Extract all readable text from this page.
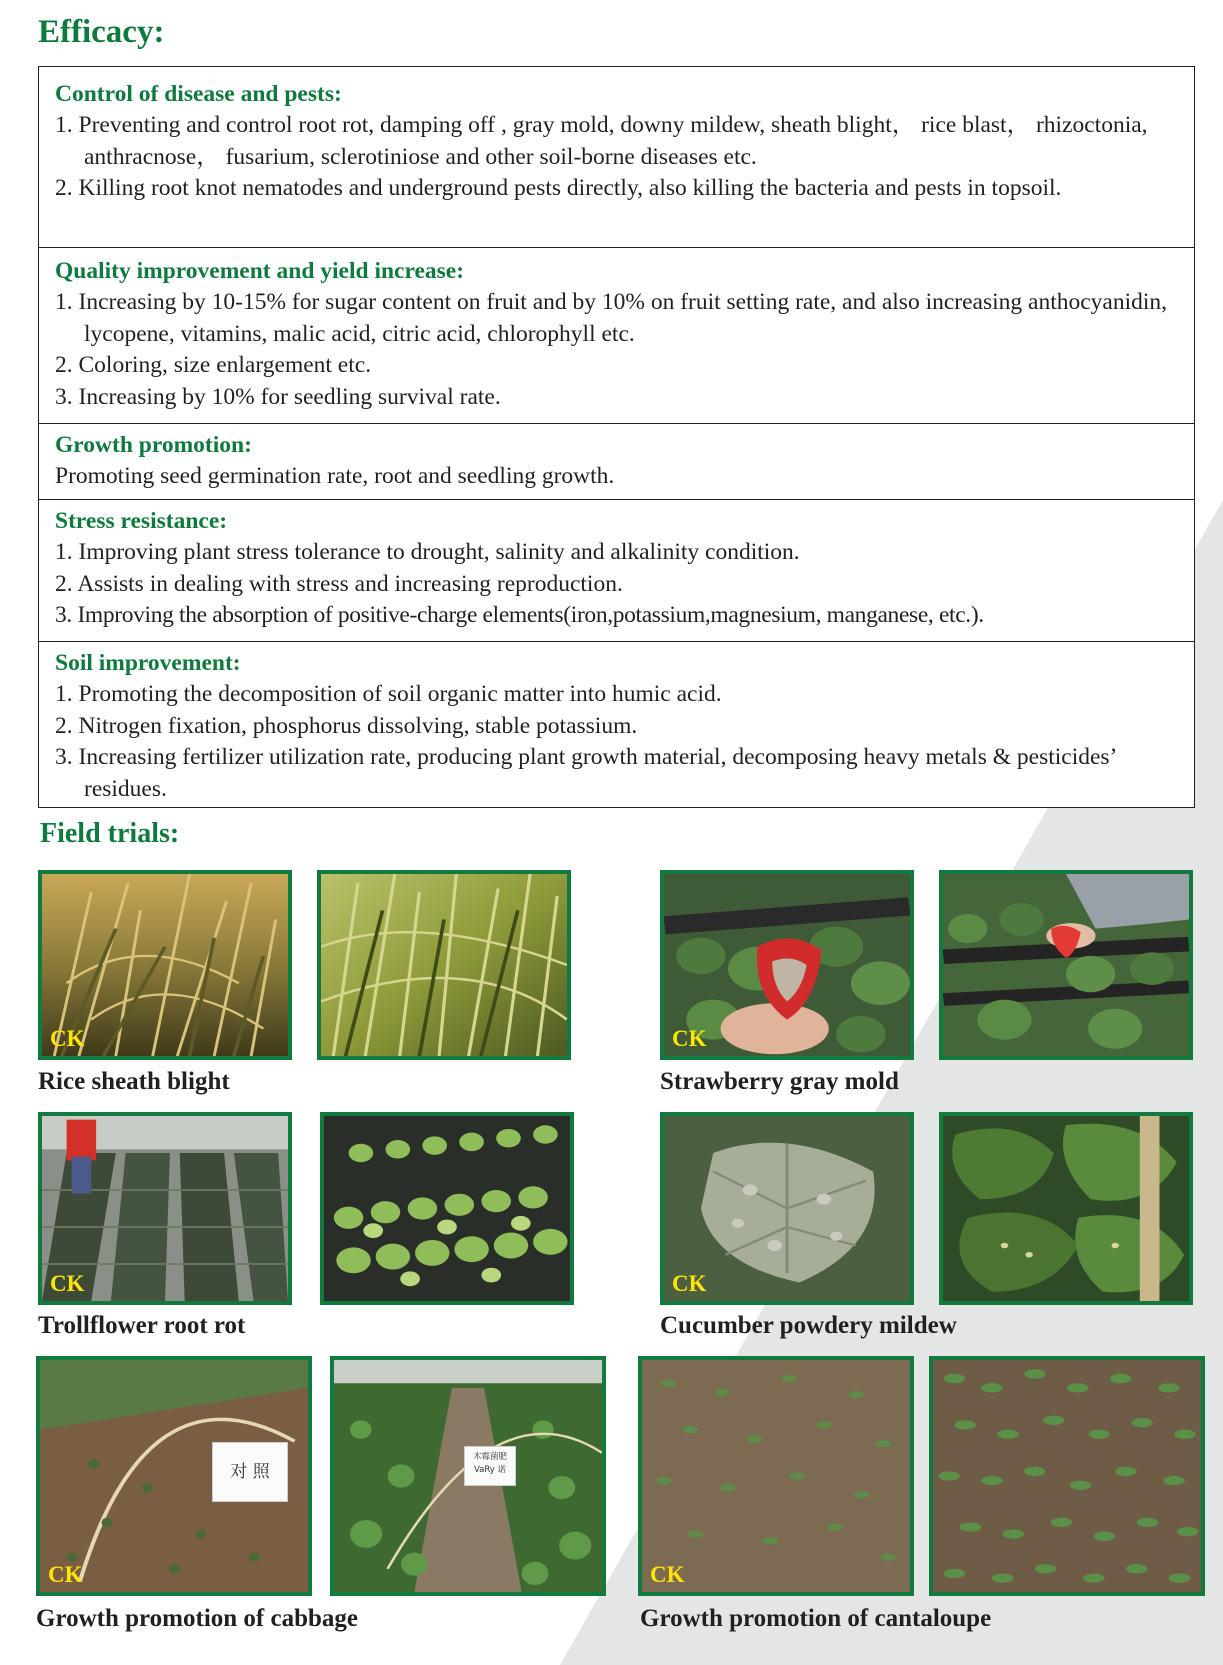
Efficacy:
Control of disease and pests:
1. Preventing and control root rot, damping off , gray mold, downy mildew, sheath blight， rice blast， rhizoctonia, anthracnose， fusarium, sclerotiniose and other soil-borne diseases etc.
2. Killing root knot nematodes and underground pests directly, also killing the bacteria and pests in topsoil.
Quality improvement and yield increase:
1. Increasing by 10-15% for sugar content on fruit and by 10% on fruit setting rate, and also increasing anthocyanidin, lycopene, vitamins, malic acid, citric acid, chlorophyll etc.
2. Coloring, size enlargement etc.
3. Increasing by 10% for seedling survival rate.
Growth promotion:
Promoting seed germination rate, root and seedling growth.
Stress resistance:
1. Improving plant stress tolerance to drought, salinity and alkalinity condition.
2. Assists in dealing with stress and increasing reproduction.
3. Improving the absorption of positive-charge elements(iron,potassium,magnesium, manganese, etc.).
Soil improvement:
1. Promoting the decomposition of soil organic matter into humic acid.
2. Nitrogen fixation, phosphorus dissolving, stable potassium.
3. Increasing fertilizer utilization rate, producing plant growth material, decomposing heavy metals & pesticides’ residues.
Field trials:
CK
Rice sheath blight
CK
Strawberry gray mold
CK
Trollflower root rot
CK
Cucumber powdery mildew
对 照
CK
木霉菌肥
VaRy 诺
Growth promotion of cabbage
CK
Growth promotion of cantaloupe
